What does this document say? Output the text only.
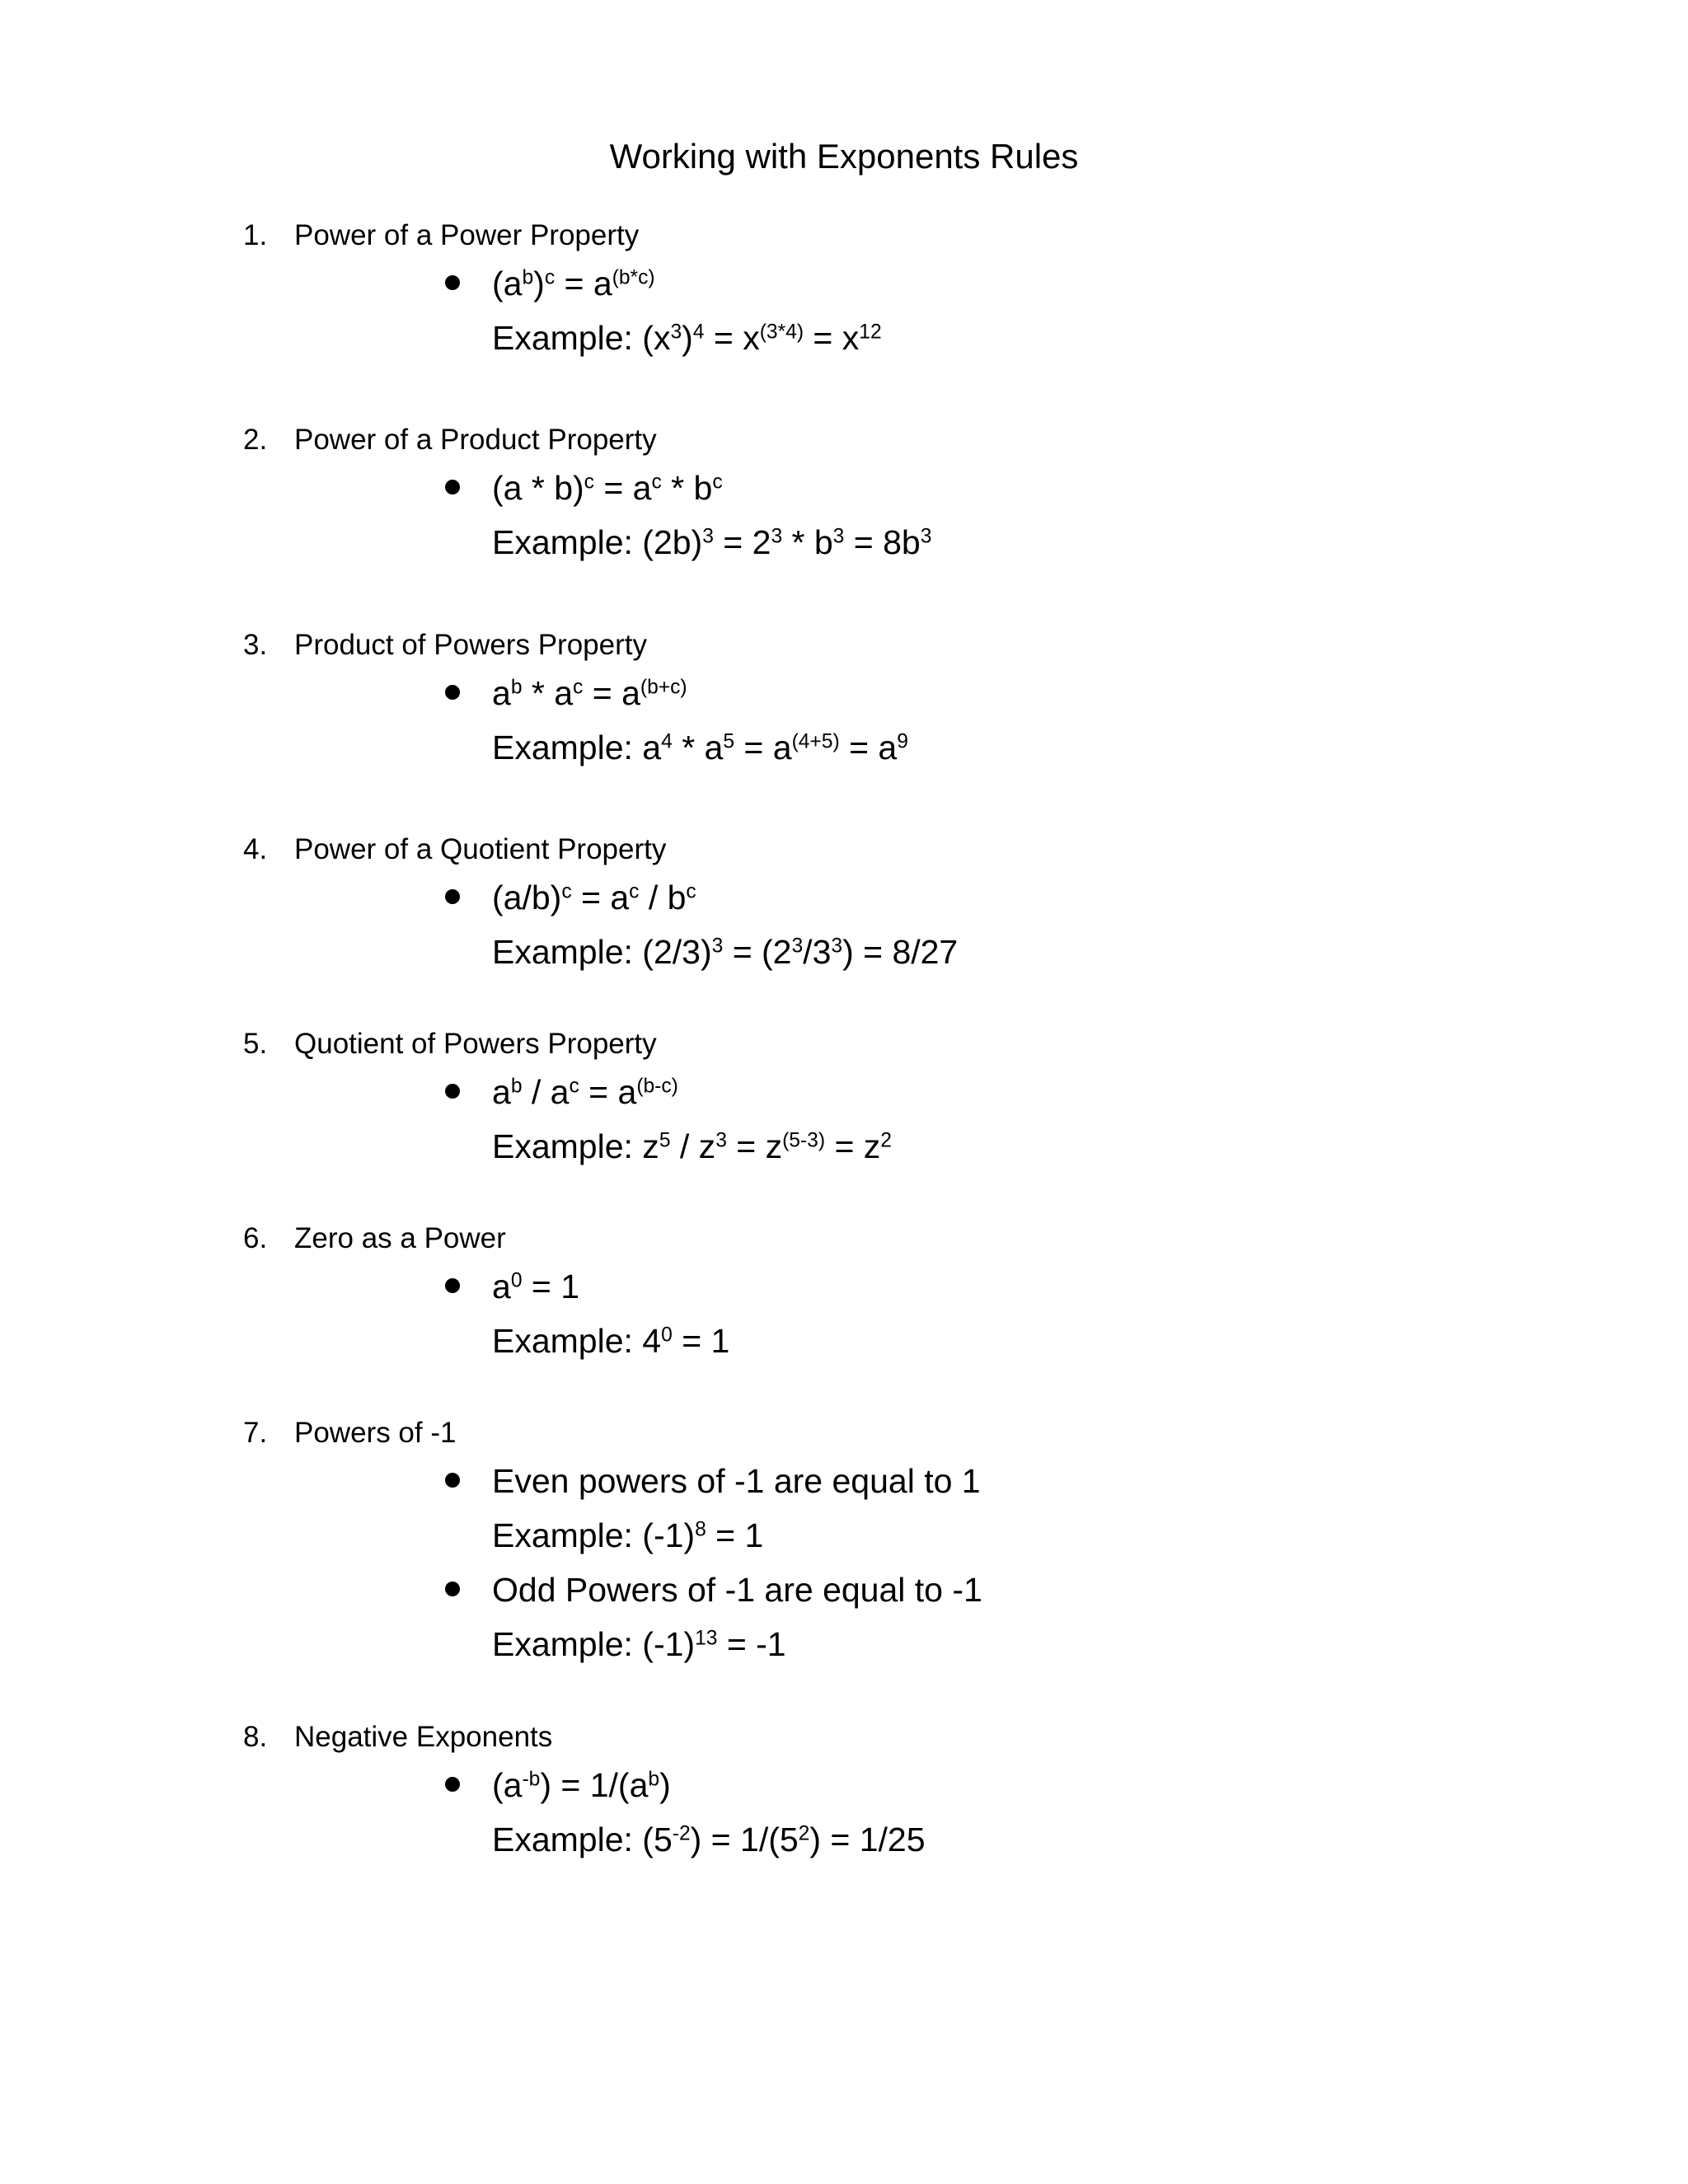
Working with Exponents Rules
1. Power of a Power Property
$(a^b)^c = a^{(b*c)}$
Example: $(x^3)^4 = x^{(3*4)} = x^{12}$
2. Power of a Product Property
$(a * b)^c = a^c * b^c$
Example: $(2b)^3 = 2^3 * b^3 = 8b^3$
3. Product of Powers Property
$a^b * a^c = a^{(b+c)}$
Example: $a^4 * a^5 = a^{(4+5)} = a^9$
4. Power of a Quotient Property
$(a/b)^c = a^c / b^c$
Example: $(2/3)^3 = (2^3/3^3) = 8/27$
5. Quotient of Powers Property
$a^b / a^c = a^{(b-c)}$
Example: $z^5 / z^3 = z^{(5-3)} = z^2$
6. Zero as a Power
$a^0 = 1$
Example: $4^0 = 1$
7. Powers of -1
Even powers of -1 are equal to 1
Example: $(-1)^8 = 1$
Odd Powers of -1 are equal to -1
Example: $(-1)^{13} = -1$
8. Negative Exponents
$(a^{-b}) = 1/(a^b)$
Example: $(5^{-2}) = 1/(5^2) = 1/25$
